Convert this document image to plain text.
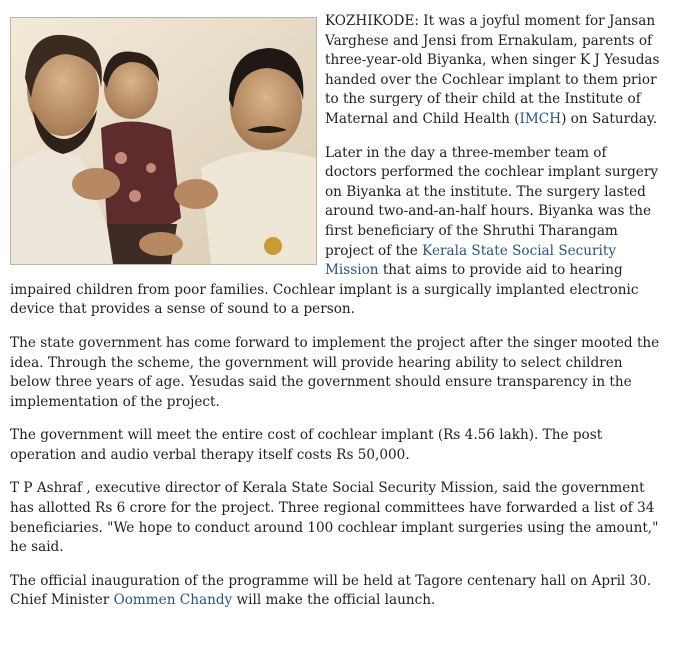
KOZHIKODE: It was a joyful moment for Jansan Varghese and Jensi from Ernakulam, parents of three-year-old Biyanka, when singer K J Yesudas handed over the Cochlear implant to them prior to the surgery of their child at the Institute of Maternal and Child Health (IMCH) on Saturday.

Later in the day a three-member team of doctors performed the cochlear implant surgery on Biyanka at the institute. The surgery lasted around two-and-an-half hours. Biyanka was the first beneficiary of the Shruthi Tharangam project of the Kerala State Social Security Mission that aims to provide aid to hearing impaired children from poor families. Cochlear implant is a surgically implanted electronic device that provides a sense of sound to a person.

The state government has come forward to implement the project after the singer mooted the idea. Through the scheme, the government will provide hearing ability to select children below three years of age. Yesudas said the government should ensure transparency in the implementation of the project.

The government will meet the entire cost of cochlear implant (Rs 4.56 lakh). The post operation and audio verbal therapy itself costs Rs 50,000.

T P Ashraf , executive director of Kerala State Social Security Mission, said the government has allotted Rs 6 crore for the project. Three regional committees have forwarded a list of 34 beneficiaries. "We hope to conduct around 100 cochlear implant surgeries using the amount," he said.

The official inauguration of the programme will be held at Tagore centenary hall on April 30. Chief Minister Oommen Chandy will make the official launch.
